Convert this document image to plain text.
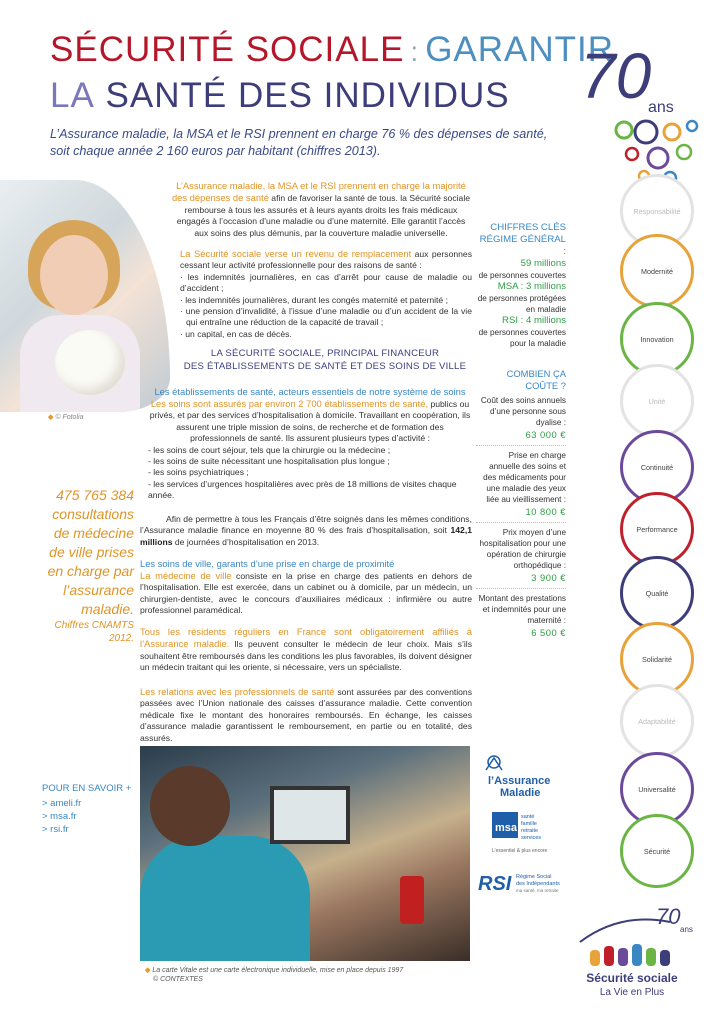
SÉCURITÉ SOCIALE : GARANTIR
LA SANTÉ DES INDIVIDUS
L’Assurance maladie, la MSA et le RSI prennent en charge 76 % des dépenses de santé, soit chaque année 2 160 euros par habitant (chiffres 2013).
70
ans
◆ © Fotolia
L’Assurance maladie, la MSA et le RSI prennent en charge la majorité des dépenses de santé afin de favoriser la santé de tous. la Sécurité sociale rembourse à tous les assurés et à leurs ayants droits les frais médicaux engagés à l’occasion d’une maladie ou d’une maternité. Elle garantit l’accès aux soins des plus démunis, par la couverture maladie universelle.

La Sécurité sociale verse un revenu de remplacement aux personnes cessant leur activité professionnelle pour des raisons de santé :

· les indemnités journalières, en cas d’arrêt pour cause de maladie ou d’accident ;

· les indemnités journalières, durant les congés maternité et paternité ;

· une pension d’invalidité, à l’issue d’une maladie ou d’un accident de la vie qui entraîne une réduction de la capacité de travail ;

· un capital, en cas de décès.

LA SÉCURITÉ SOCIALE, PRINCIPAL FINANCEUR
DES ÉTABLISSEMENTS DE SANTÉ ET DES SOINS DE VILLE

Les établissements de santé, acteurs essentiels de notre système de soins

Les soins sont assurés par environ 2 700 établissements de santé, publics ou privés, et par des services d’hospitalisation à domicile. Travaillant en coopération, ils assurent une triple mission de soins, de recherche et de formation des professionnels de santé. Ils assurent plusieurs types d’activité :

- les soins de court séjour, tels que la chirurgie ou la médecine ;

- les soins de suite nécessitant une hospitalisation plus longue ;

- les soins psychiatriques ;

- les services d’urgences hospitalières avec près de 18 millions de visites chaque année.

Afin de permettre à tous les Français d’être soignés dans les mêmes conditions, l’Assurance maladie finance en moyenne 80 % des frais d’hospitalisation, soit 142,1 millions de journées d’hospitalisation en 2013.

Les soins de ville, garants d’une prise en charge de proximité

La médecine de ville consiste en la prise en charge des patients en dehors de l’hospitalisation. Elle est exercée, dans un cabinet ou à domicile, par un médecin, un chirurgien-dentiste, avec le concours d’auxiliaires médicaux : infirmière ou autre professionnel paramédical.

Tous les résidents réguliers en France sont obligatoirement affiliés à l’Assurance maladie. Ils peuvent consulter le médecin de leur choix. Mais s’ils souhaitent être remboursés dans les conditions les plus favorables, ils doivent désigner un médecin traitant qui les oriente, si nécessaire, vers un spécialiste.
Les relations avec les professionnels de santé sont assurées par des conventions passées avec l’Union nationale des caisses d’assurance maladie. Cette convention médicale fixe le montant des honoraires remboursés. En échange, les caisses d’assurance maladie garantissent le remboursement, en partie ou en totalité, des assurés.
475 765 384 consultations de médecine de ville prises en charge par l’assurance maladie.
Chiffres CNAMTS 2012.
CHIFFRES CLÉS RÉGIME GÉNÉRAL :
59 millions
de personnes couvertes
MSA : 3 millions
de personnes protégées en maladie
RSI : 4 millions
de personnes couvertes pour la maladie
COMBIEN ÇA COÛTE ?
Coût des soins annuels d’une personne sous dyalise :
63 000 €
Prise en charge annuelle des soins et des médicaments pour une maladie des yeux liée au vieillissement :
10 800 €
Prix moyen d’une hospitalisation pour une opération de chirurgie orthopédique :
3 900 €
Montant des prestations et indemnités pour une maternité :
6 500 €
Responsabilité
Modernité
Innovation
Unité
Continuité
Performance
Qualité
Solidarité
Adaptabilité
Universalité
Sécurité
POUR EN SAVOIR +
> ameli.fr
> msa.fr
> rsi.fr
◆ La carte Vitale est une carte électronique individuelle, mise en place depuis 1997
© CONTEXTES
l’Assurance
Maladie
msa
santé
famille
retraite
services
L’essentiel & plus encore
RSI Régime Social
des Indépendants
ma santé, ma retraite
70
ans
Sécurité sociale
La Vie en Plus
